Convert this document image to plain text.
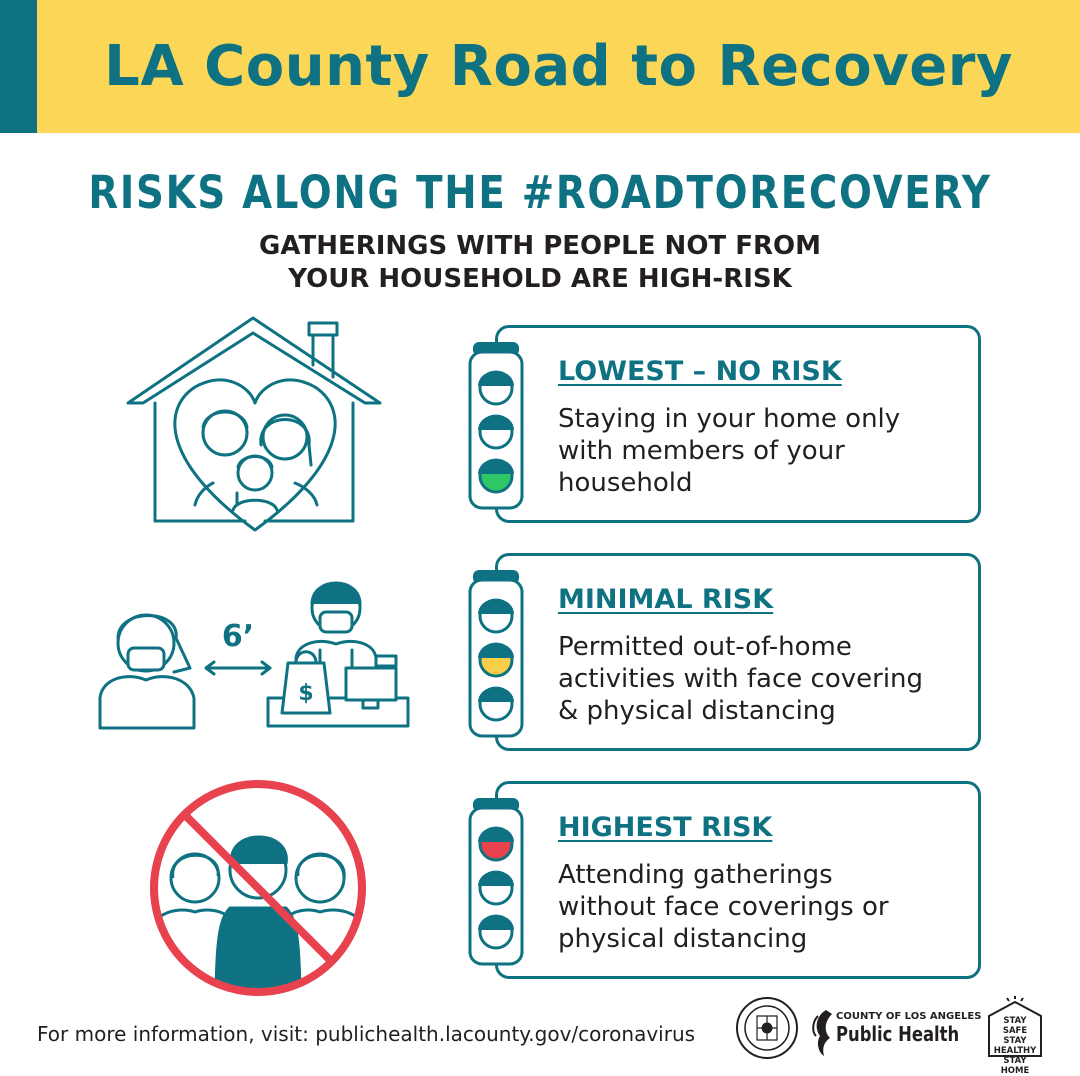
LA County Road to Recovery
RISKS ALONG THE #ROADTORECOVERY
GATHERINGS WITH PEOPLE NOT FROM
YOUR HOUSEHOLD ARE HIGH-RISK
$
6’
LOWEST – NO RISK
Staying in your home only
with members of your
household
MINIMAL RISK
Permitted out-of-home
activities with face covering
& physical distancing
HIGHEST RISK
Attending gatherings
without face coverings or
physical distancing
For more information, visit: publichealth.lacounty.gov/coronavirus
COUNTY OF LOS ANGELES
Public Health
STAY SAFE
STAY HEALTHY
STAY HOME
